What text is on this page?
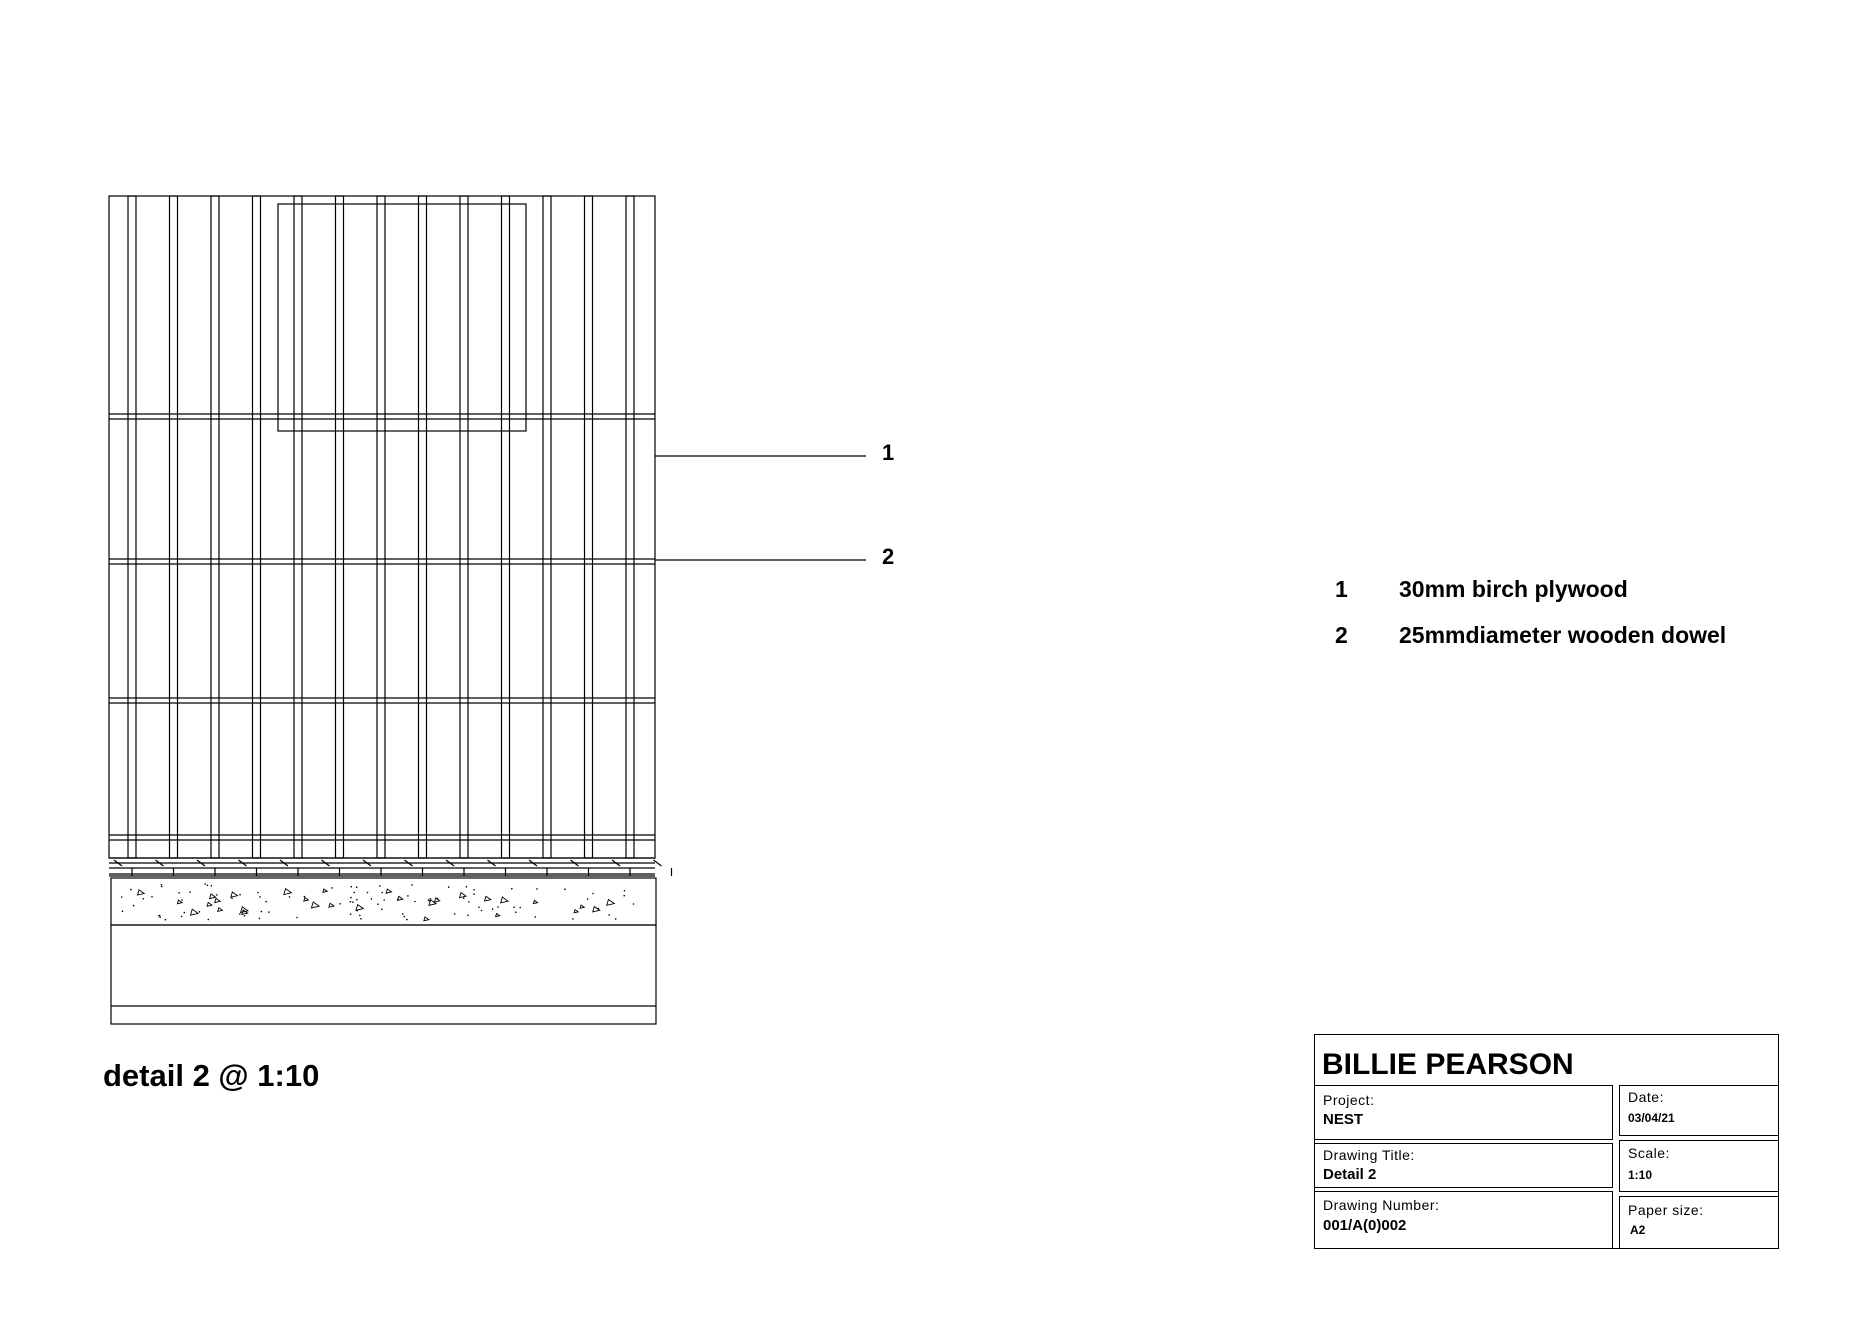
1
2
detail 2 @ 1:10
1	30mm birch plywood
2	25mmdiameter wooden dowel
BILLIE PEARSON
Project:
NEST
Drawing Title:
Detail 2
Drawing Number:
001/A(0)002
Date:
03/04/21
Scale:
1:10
Paper size:
A2
